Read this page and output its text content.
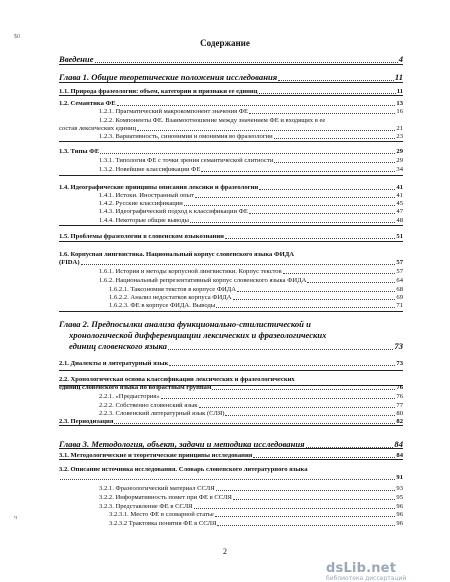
$0
ч
Содержание
Введение	4
Глава 1. Общие теоретические положения исследования	11
1.1. Природа фразеологии: объем, категории и признаки ее единиц	11
1.2. Семантика ФЕ	13
1.2.1. Прагматический макрокомпонент значения ФЕ	16
1.2.2. Компоненты ФЕ. Взаимоотношение между значением ФЕ и входящих в ее
состав лексических единиц	21
1.2.3. Вариативность, синонимия и омонимия во фразеологии	23
1.3. Типы ФЕ	29
1.3.1. Типология ФЕ с точки зрения семантической слитности	29
1.3.2. Новейшие классификации ФЕ	34
1.4. Идеографические принципы описания лексики и фразеологии	41
1.4.1. Истоки. Иностранный опыт	41
1.4.2. Русские классификации	45
1.4.3. Идеографический подход к классификации ФЕ	47
1.4.4. Некоторые общие выводы	48
1.5. Проблемы фразеологии в словенском языкознании	51
1.6. Корпусная лингвистика. Национальный корпус словенского языка ФИДА
(FIDA)	57
1.6.1. История и методы корпусной лингвистики. Корпус текстов	57
1.6.2. Национальный репрезентативный корпус словенского языка ФИДА	64
1.6.2.1. Таксономия текстов в корпусе ФИДА	68
1.6.2.2. Анализ недостатков корпуса ФИДА	69
1.6.2.3. ФЕ в корпусе ФИДА. Выводы	71
Глава 2. Предпосылки анализа функционально-стилистической и
хронологической дифференциации лексических и фразеологических
единиц словенского языка	73
2.1. Диалекты и литературный язык	73
2.2. Хронологическая основа классификации лексических и фразеологических
единиц словенского языка по возрастным группам	76
2.2.1. «Предыстория»	76
2.2.2. Собственно словенский язык	77
2.2.3. Словенский литературный язык (СЛЯ)	80
2.3. Периодизация	82
Глава 3. Методология, объект, задачи и методика исследования	84
3.1. Методологические и теоретические принципы исследования	84
3.2. Описание источника исследования. Словарь словенского литературного языка
91
3.2.1. Фразеологический материал ССЛЯ	93
3.2.2. Информативность помет при ФЕ в ССЛЯ	95
3.2.3. Представление ФЕ в ССЛЯ	96
3.2.3.1. Место ФЕ в словарной статье	96
3.2.3.2 Трактовка понятия ФЕ в ССЛЯ	96
2
dsLib.net
библиотека диссертаций
